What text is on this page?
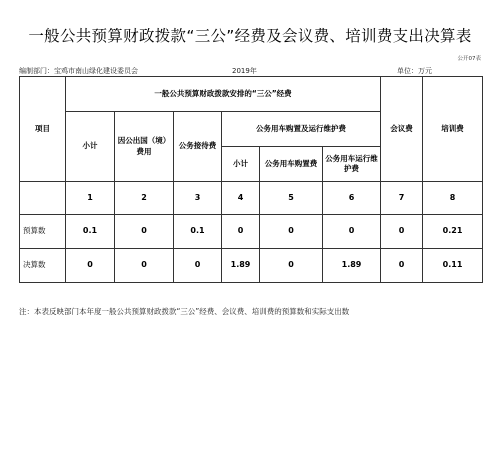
一般公共预算财政拨款“三公”经费及会议费、培训费支出决算表
公开07表
编制部门：宝鸡市南山绿化建设委员会	2019年	单位：万元
项目	一般公共预算财政拨款安排的“三公”经费						会议费	培训费
	小计	因公出国（境）费用	公务接待费	公务用车购置及运行维护费				
				小计	公务用车购置费	公务用车运行维护费		
	1	2	3	4	5	6	7	8
预算数	0.1	0	0.1	0	0	0	0	0.21
决算数	0	0	0	1.89	0	1.89	0	0.11
注：本表反映部门本年度一般公共预算财政拨款“三公”经费、会议费、培训费的预算数和实际支出数
